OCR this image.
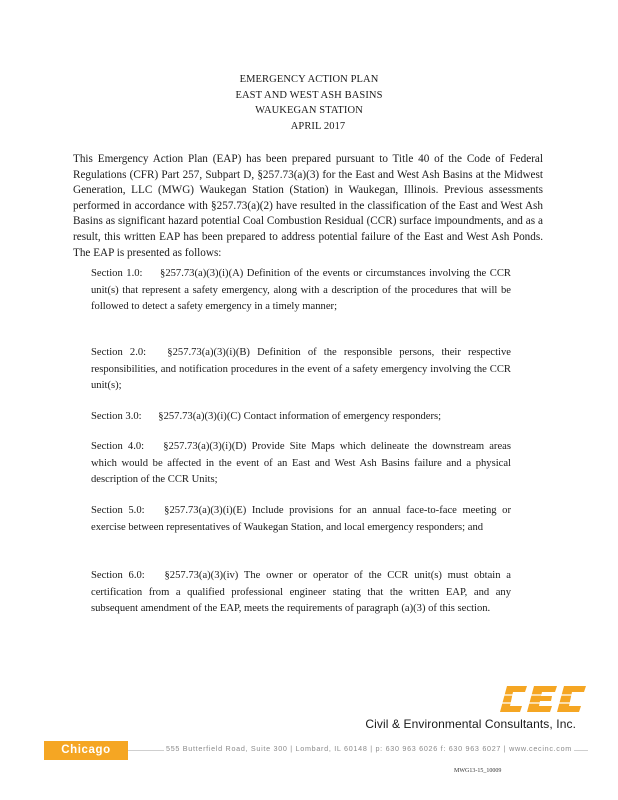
EMERGENCY ACTION PLAN
EAST AND WEST ASH BASINS
WAUKEGAN STATION
APRIL 2017

This Emergency Action Plan (EAP) has been prepared pursuant to Title 40 of the Code of Federal Regulations (CFR) Part 257, Subpart D, §257.73(a)(3) for the East and West Ash Basins at the Midwest Generation, LLC (MWG) Waukegan Station (Station) in Waukegan, Illinois. Previous assessments performed in accordance with §257.73(a)(2) have resulted in the classification of the East and West Ash Basins as significant hazard potential Coal Combustion Residual (CCR) surface impoundments, and as a result, this written EAP has been prepared to address potential failure of the East and West Ash Ponds. The EAP is presented as follows:

Section 1.0: §257.73(a)(3)(i)(A) Definition of the events or circumstances involving the CCR unit(s) that represent a safety emergency, along with a description of the procedures that will be followed to detect a safety emergency in a timely manner;

Section 2.0: §257.73(a)(3)(i)(B) Definition of the responsible persons, their respective responsibilities, and notification procedures in the event of a safety emergency involving the CCR unit(s);

Section 3.0: §257.73(a)(3)(i)(C) Contact information of emergency responders;

Section 4.0: §257.73(a)(3)(i)(D) Provide Site Maps which delineate the downstream areas which would be affected in the event of an East and West Ash Basins failure and a physical description of the CCR Units;

Section 5.0: §257.73(a)(3)(i)(E) Include provisions for an annual face-to-face meeting or exercise between representatives of Waukegan Station, and local emergency responders; and

Section 6.0: §257.73(a)(3)(iv) The owner or operator of the CCR unit(s) must obtain a certification from a qualified professional engineer stating that the written EAP, and any subsequent amendment of the EAP, meets the requirements of paragraph (a)(3) of this section.

Civil & Environmental Consultants, Inc.
Chicago	555 Butterfield Road, Suite 300 | Lombard, IL 60148 | p: 630 963 6026 f: 630 963 6027 | www.cecinc.com
MWG13-15_10009
